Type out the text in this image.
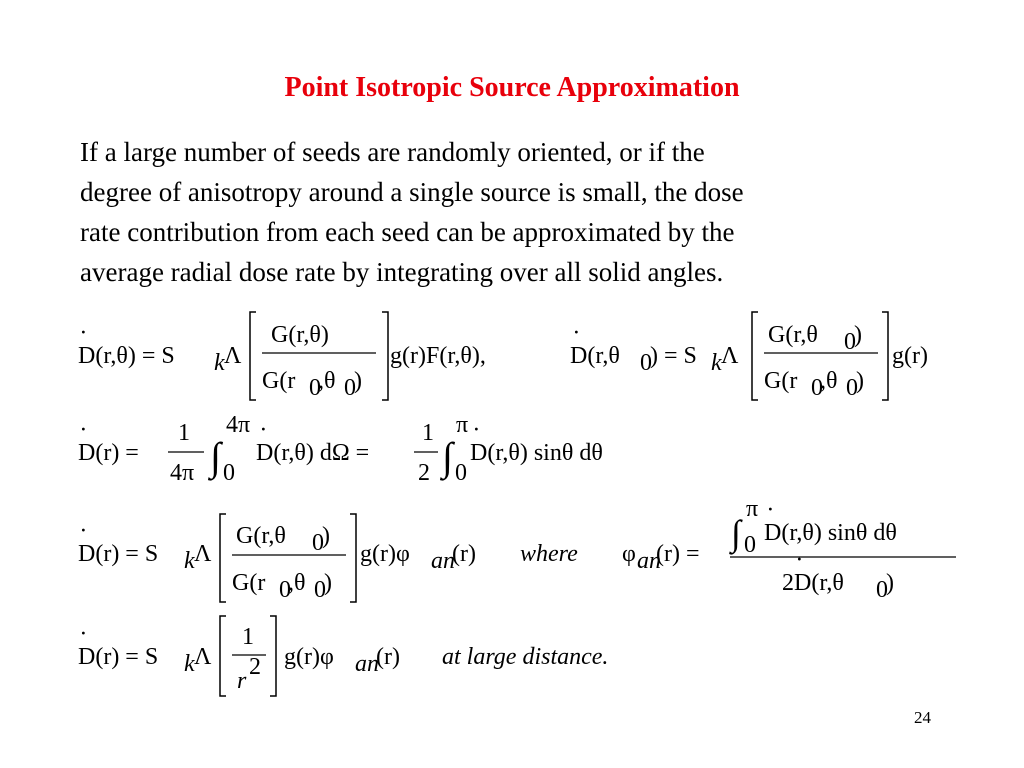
Point Isotropic Source Approximation
If a large number of seeds are randomly oriented, or if the
degree of anisotropy around a single source is small, the dose
rate contribution from each seed can be approximated by the
average radial dose rate by integrating over all solid angles.
·
D(r,θ) = S k Λ
G(r,θ)
G(r 0
,θ 0
)
g(r)F(r,θ),
·
D(r,θ 0
) = S k Λ
G(r,θ 0
)
G(r 0
,θ 0
)
g(r)
·
D(r) =
1
4π ∫
4π
0
·
D(r,θ) dΩ =
1
2 ∫
π
0
·
D(r,θ) sinθ dθ
·
D(r) = S k Λ
G(r,θ 0
)
G(r 0
,θ 0
)
g(r)φ an
(r) where φ an
(r) =
∫
π
0
·
D(r,θ) sinθ dθ
·
2D(r,θ 0
)
·
D(r) = S k Λ
1
r
2 g(r)φ an
(r) at large distance.
24
